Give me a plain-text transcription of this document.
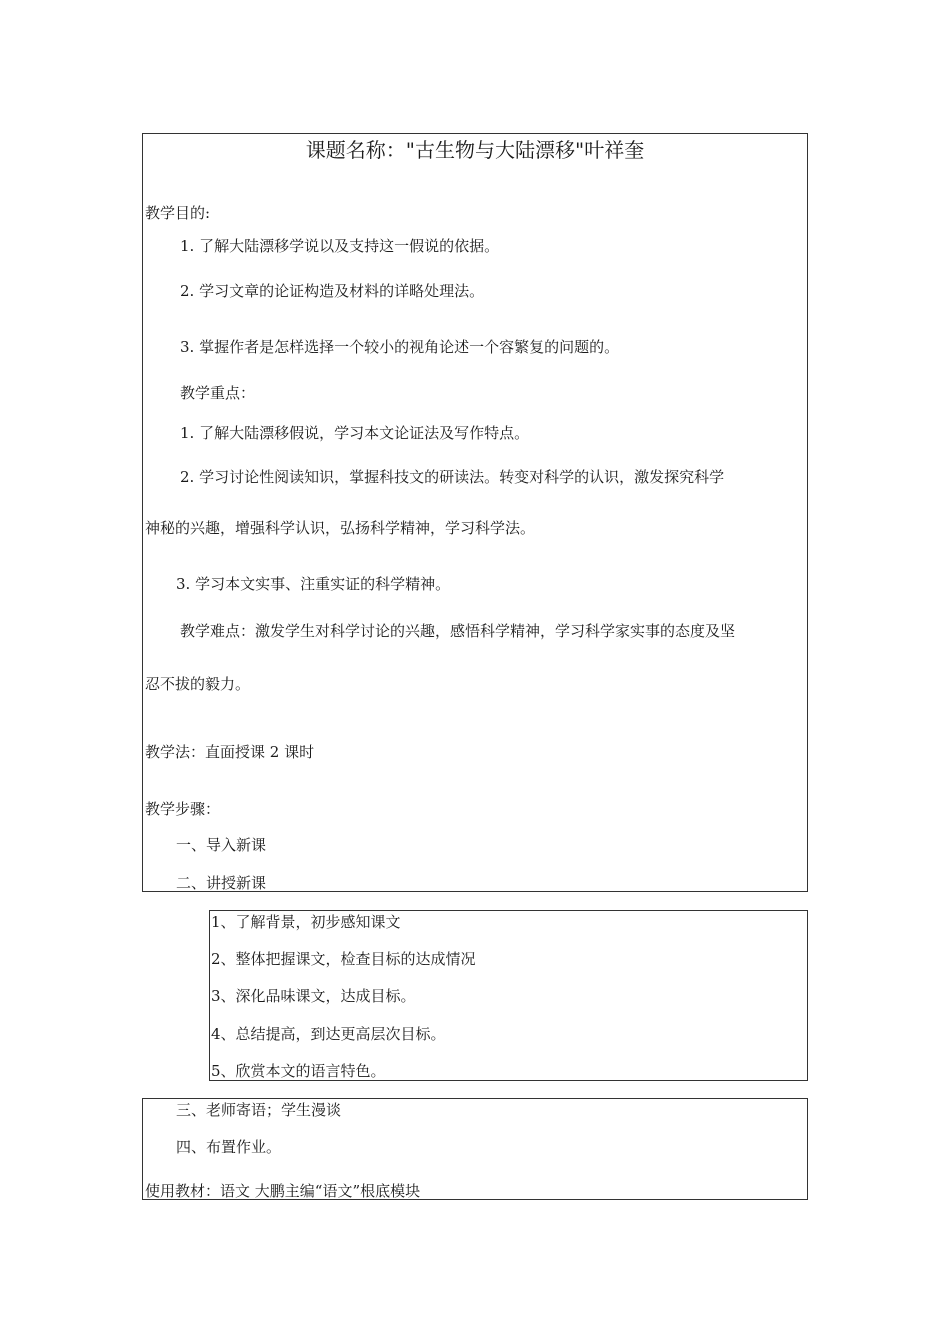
课题名称："古生物与大陆漂移"叶祥奎
教学目的:
1. 了解大陆漂移学说以及支持这一假说的依据。
2. 学习文章的论证构造及材料的详略处理法。
3. 掌握作者是怎样选择一个较小的视角论述一个容繁复的问题的。
教学重点：
1. 了解大陆漂移假说，学习本文论证法及写作特点。
2. 学习讨论性阅读知识，掌握科技文的研读法。转变对科学的认识，激发探究科学
神秘的兴趣，增强科学认识，弘扬科学精神，学习科学法。
3. 学习本文实事、注重实证的科学精神。
教学难点：激发学生对科学讨论的兴趣，感悟科学精神，学习科学家实事的态度及坚
忍不拔的毅力。
教学法：直面授课 2 课时
教学步骤：
一、导入新课
二、讲授新课
1、了解背景，初步感知课文
2、整体把握课文，检查目标的达成情况
3、深化品味课文，达成目标。
4、总结提高，到达更高层次目标。
5、欣赏本文的语言特色。
三、老师寄语；学生漫谈
四、布置作业。
使用教材：语文 大鹏主编“语文”根底模块
